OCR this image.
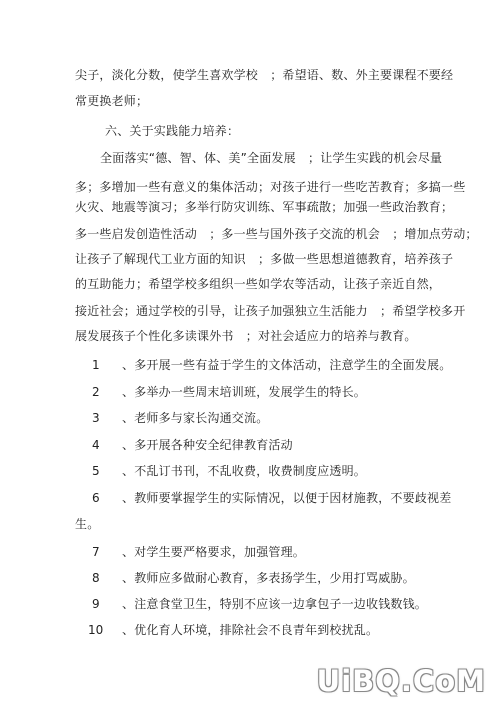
尖子，淡化分数，使学生喜欢学校　；希望语、数、外主要课程不要经
常更换老师；
六、关于实践能力培养：
全面落实“德、智、体、美”全面发展　；让学生实践的机会尽量
多；多增加一些有意义的集体活动；对孩子进行一些吃苦教育；多搞一些
火灾、地震等演习；多举行防灾训练、军事疏散；加强一些政治教育；
多一些启发创造性活动　；多一些与国外孩子交流的机会　；增加点劳动；
让孩子了解现代工业方面的知识　；多做一些思想道德教育，培养孩子
的互助能力；希望学校多组织一些如学农等活动，让孩子亲近自然，
接近社会；通过学校的引导，让孩子加强独立生活能力　；希望学校多开
展发展孩子个性化多读课外书　；对社会适应力的培养与教育。
1 、多开展一些有益于学生的文体活动，注意学生的全面发展。
2 、多举办一些周末培训班，发展学生的特长。
3 、老师多与家长沟通交流。
4 、多开展各种安全纪律教育活动
5 、不乱订书刊，不乱收费，收费制度应透明。
6 、教师要掌握学生的实际情况，以便于因材施教，不要歧视差
生。
7 、对学生要严格要求，加强管理。
8 、教师应多做耐心教育，多表扬学生，少用打骂威胁。
9 、注意食堂卫生，特别不应该一边拿包子一边收钱数钱。
10 、优化育人环境，排除社会不良青年到校扰乱。
UiBQ.CoM
